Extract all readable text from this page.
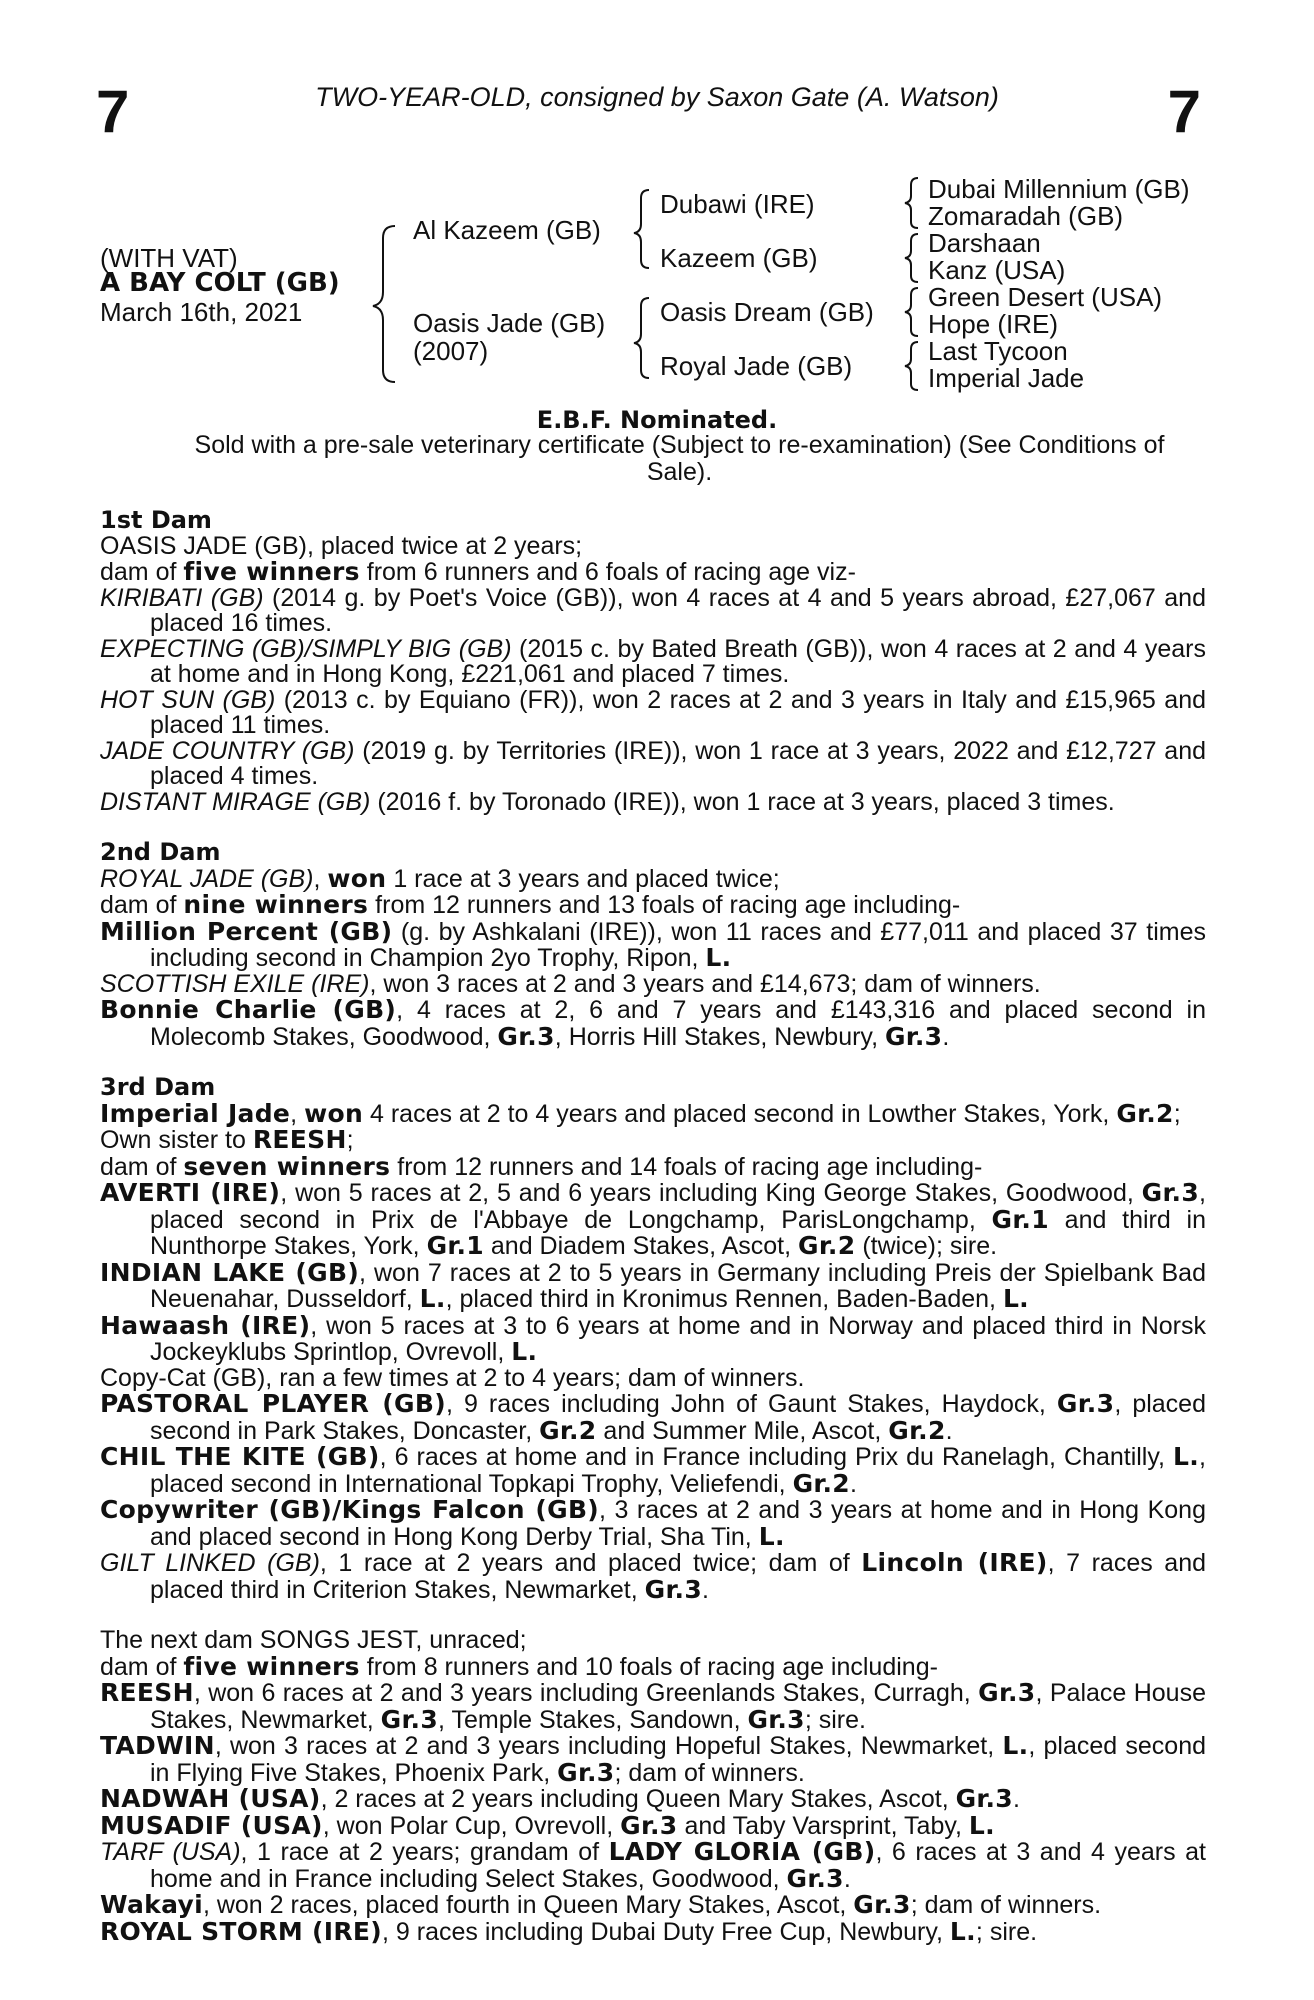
7	7
TWO-YEAR-OLD, consigned by Saxon Gate (A. Watson)
(WITH VAT)
A BAY COLT (GB)
March 16th, 2021
Al Kazeem (GB)
Oasis Jade (GB)
(2007)
Dubawi (IRE)
Kazeem (GB)
Oasis Dream (GB)
Royal Jade (GB)
Dubai Millennium (GB)
Zomaradah (GB)
Darshaan
Kanz (USA)
Green Desert (USA)
Hope (IRE)
Last Tycoon
Imperial Jade
E.B.F. Nominated.
Sold with a pre-sale veterinary certificate (Subject to re-examination) (See Conditions of Sale).

1st Dam

OASIS JADE (GB), placed twice at 2 years;

dam of five winners from 6 runners and 6 foals of racing age viz-

KIRIBATI (GB) (2014 g. by Poet's Voice (GB)), won 4 races at 4 and 5 years abroad, £27,067 and placed 16 times.

EXPECTING (GB)/SIMPLY BIG (GB) (2015 c. by Bated Breath (GB)), won 4 races at 2 and 4 years at home and in Hong Kong, £221,061 and placed 7 times.

HOT SUN (GB) (2013 c. by Equiano (FR)), won 2 races at 2 and 3 years in Italy and £15,965 and placed 11 times.

JADE COUNTRY (GB) (2019 g. by Territories (IRE)), won 1 race at 3 years, 2022 and £12,727 and placed 4 times.

DISTANT MIRAGE (GB) (2016 f. by Toronado (IRE)), won 1 race at 3 years, placed 3 times.

2nd Dam

ROYAL JADE (GB), won 1 race at 3 years and placed twice;

dam of nine winners from 12 runners and 13 foals of racing age including-

Million Percent (GB) (g. by Ashkalani (IRE)), won 11 races and £77,011 and placed 37 times including second in Champion 2yo Trophy, Ripon, L.

SCOTTISH EXILE (IRE), won 3 races at 2 and 3 years and £14,673; dam of winners.

Bonnie Charlie (GB), 4 races at 2, 6 and 7 years and £143,316 and placed second in Molecomb Stakes, Goodwood, Gr.3, Horris Hill Stakes, Newbury, Gr.3.

3rd Dam

Imperial Jade, won 4 races at 2 to 4 years and placed second in Lowther Stakes, York, Gr.2;

Own sister to REESH;

dam of seven winners from 12 runners and 14 foals of racing age including-

AVERTI (IRE), won 5 races at 2, 5 and 6 years including King George Stakes, Goodwood, Gr.3, placed second in Prix de l'Abbaye de Longchamp, ParisLongchamp, Gr.1 and third in Nunthorpe Stakes, York, Gr.1 and Diadem Stakes, Ascot, Gr.2 (twice); sire.

INDIAN LAKE (GB), won 7 races at 2 to 5 years in Germany including Preis der Spielbank Bad Neuenahar, Dusseldorf, L., placed third in Kronimus Rennen, Baden-Baden, L.

Hawaash (IRE), won 5 races at 3 to 6 years at home and in Norway and placed third in Norsk Jockeyklubs Sprintlop, Ovrevoll, L.

Copy-Cat (GB), ran a few times at 2 to 4 years; dam of winners.

PASTORAL PLAYER (GB), 9 races including John of Gaunt Stakes, Haydock, Gr.3, placed second in Park Stakes, Doncaster, Gr.2 and Summer Mile, Ascot, Gr.2.

CHIL THE KITE (GB), 6 races at home and in France including Prix du Ranelagh, Chantilly, L., placed second in International Topkapi Trophy, Veliefendi, Gr.2.

Copywriter (GB)/Kings Falcon (GB), 3 races at 2 and 3 years at home and in Hong Kong and placed second in Hong Kong Derby Trial, Sha Tin, L.

GILT LINKED (GB), 1 race at 2 years and placed twice; dam of Lincoln (IRE), 7 races and placed third in Criterion Stakes, Newmarket, Gr.3.

The next dam SONGS JEST, unraced;

dam of five winners from 8 runners and 10 foals of racing age including-

REESH, won 6 races at 2 and 3 years including Greenlands Stakes, Curragh, Gr.3, Palace House Stakes, Newmarket, Gr.3, Temple Stakes, Sandown, Gr.3; sire.

TADWIN, won 3 races at 2 and 3 years including Hopeful Stakes, Newmarket, L., placed second in Flying Five Stakes, Phoenix Park, Gr.3; dam of winners.

NADWAH (USA), 2 races at 2 years including Queen Mary Stakes, Ascot, Gr.3.

MUSADIF (USA), won Polar Cup, Ovrevoll, Gr.3 and Taby Varsprint, Taby, L.

TARF (USA), 1 race at 2 years; grandam of LADY GLORIA (GB), 6 races at 3 and 4 years at home and in France including Select Stakes, Goodwood, Gr.3.

Wakayi, won 2 races, placed fourth in Queen Mary Stakes, Ascot, Gr.3; dam of winners.

ROYAL STORM (IRE), 9 races including Dubai Duty Free Cup, Newbury, L.; sire.
